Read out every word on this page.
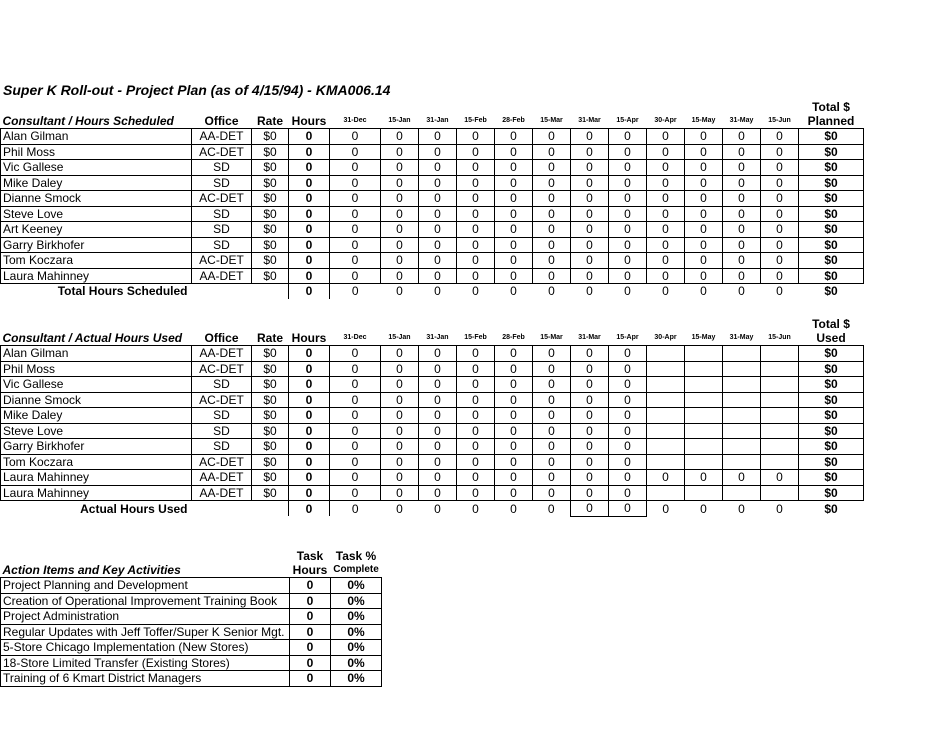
Super K Roll-out - Project Plan (as of 4/15/94) - KMA006.14
																Total $
Consultant / Hours Scheduled	Office	Rate	Hours	31-Dec	15-Jan	31-Jan	15-Feb	28-Feb	15-Mar	31-Mar	15-Apr	30-Apr	15-May	31-May	15-Jun	Planned
Alan Gilman	AA-DET	$0	0	0	0	0	0	0	0	0	0	0	0	0	0	$0
Phil Moss	AC-DET	$0	0	0	0	0	0	0	0	0	0	0	0	0	0	$0
Vic Gallese	SD	$0	0	0	0	0	0	0	0	0	0	0	0	0	0	$0
Mike Daley	SD	$0	0	0	0	0	0	0	0	0	0	0	0	0	0	$0
Dianne Smock	AC-DET	$0	0	0	0	0	0	0	0	0	0	0	0	0	0	$0
Steve Love	SD	$0	0	0	0	0	0	0	0	0	0	0	0	0	0	$0
Art Keeney	SD	$0	0	0	0	0	0	0	0	0	0	0	0	0	0	$0
Garry Birkhofer	SD	$0	0	0	0	0	0	0	0	0	0	0	0	0	0	$0
Tom Koczara	AC-DET	$0	0	0	0	0	0	0	0	0	0	0	0	0	0	$0
Laura Mahinney	AA-DET	$0	0	0	0	0	0	0	0	0	0	0	0	0	0	$0
Total Hours Scheduled			0	0	0	0	0	0	0	0	0	0	0	0	0	$0
																Total $
Consultant / Actual Hours Used	Office	Rate	Hours	31-Dec	15-Jan	31-Jan	15-Feb	28-Feb	15-Mar	31-Mar	15-Apr	30-Apr	15-May	31-May	15-Jun	Used
Alan Gilman	AA-DET	$0	0	0	0	0	0	0	0	0	0					$0
Phil Moss	AC-DET	$0	0	0	0	0	0	0	0	0	0					$0
Vic Gallese	SD	$0	0	0	0	0	0	0	0	0	0					$0
Dianne Smock	AC-DET	$0	0	0	0	0	0	0	0	0	0					$0
Mike Daley	SD	$0	0	0	0	0	0	0	0	0	0					$0
Steve Love	SD	$0	0	0	0	0	0	0	0	0	0					$0
Garry Birkhofer	SD	$0	0	0	0	0	0	0	0	0	0					$0
Tom Koczara	AC-DET	$0	0	0	0	0	0	0	0	0	0					$0
Laura Mahinney	AA-DET	$0	0	0	0	0	0	0	0	0	0	0	0	0	0	$0
Laura Mahinney	AA-DET	$0	0	0	0	0	0	0	0	0	0					$0
Actual Hours Used			0	0	0	0	0	0	0	0	0	0	0	0	0	$0
	Task	Task %
Action Items and Key Activities	Hours	Complete
Project Planning and Development	0	0%
Creation of Operational Improvement Training Book	0	0%
Project Administration	0	0%
Regular Updates with Jeff Toffer/Super K Senior Mgt.	0	0%
5-Store Chicago Implementation (New Stores)	0	0%
18-Store Limited Transfer (Existing Stores)	0	0%
Training of 6 Kmart District Managers	0	0%
